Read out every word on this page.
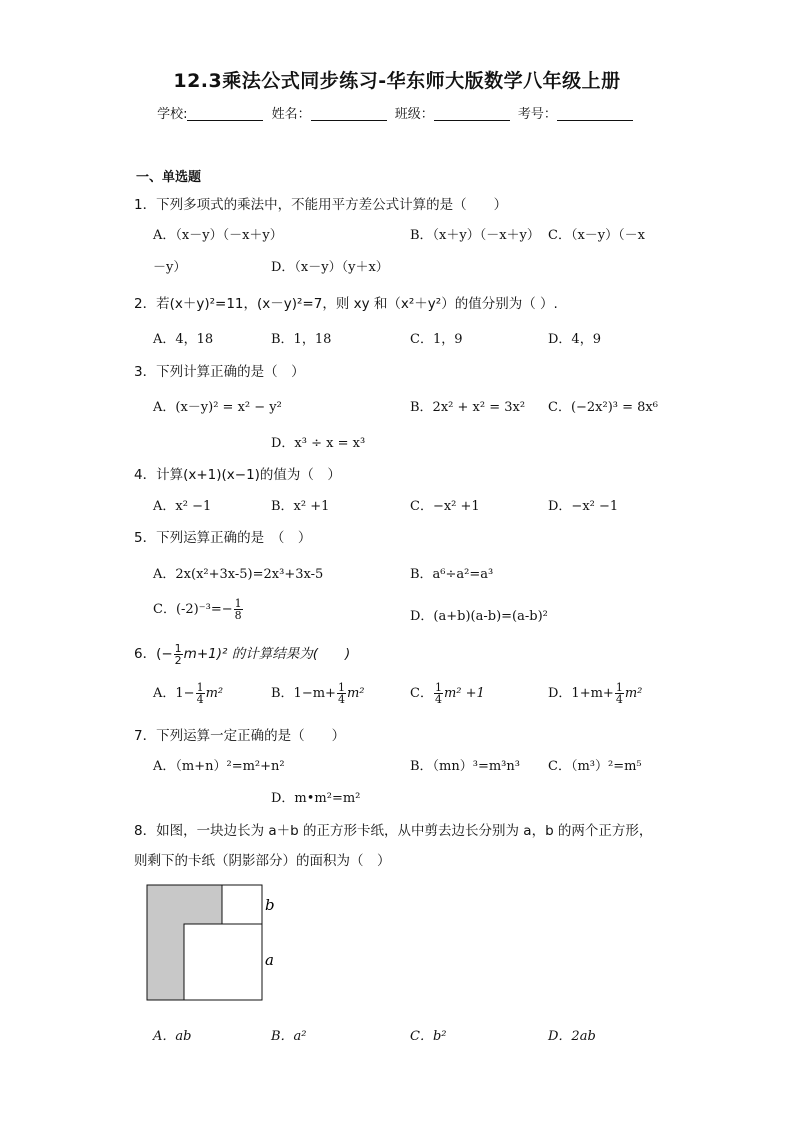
12.3乘法公式同步练习-华东师大版数学八年级上册
学校:	姓名：	班级：	考号：
一、单选题
1．下列多项式的乘法中，不能用平方差公式计算的是（　　）
A．（x－y）（－x＋y）	B．（x＋y）（－x＋y） C．（x－y）（－x
－y）	D．（x－y）（y＋x）
2．若(x＋y)²=11，(x－y)²=7，则 xy 和（x²＋y²）的值分别为（ ）.
A．4，18	B．1，18	C．1，9	D．4，9
3．下列计算正确的是（　）
A．(x－y)² = x² − y²	B．2x² + x² = 3x² C．(−2x²)³ = 8x⁶
D．x³ ÷ x = x³
4．计算(x+1)(x−1)的值为（　）
A．x² −1	B．x² +1	C．−x² +1	D．−x² −1
5．下列运算正确的是　（　）
A．2x(x²+3x-5)=2x³+3x-5	B．a⁶÷a²=a³
C．$(-2)^{-3}=- \frac{1}{8}$	D．(a+b)(a-b)=(a-b)²
6．(− $\frac{1}{2} m+1)^2$ 的计算结果为(　　)
A．$1- \frac{1}{4} m^2$	B．$1-m+ \frac{1}{4} m^2$	C． $\frac{1}{4} m^2 +1$	D．$1+m+ \frac{1}{4} m^2$
7．下列运算一定正确的是（　　）
A．（m+n）²=m²+n²	B．（mn）³=m³n³ C．（m³）²=m⁵
D．m•m²=m²
8．如图，一块边长为 a＋b 的正方形卡纸，从中剪去边长分别为 a，b 的两个正方形，
则剩下的卡纸（阴影部分）的面积为（　）
b
a
A．ab	B．a²	C．b²	D．2ab
